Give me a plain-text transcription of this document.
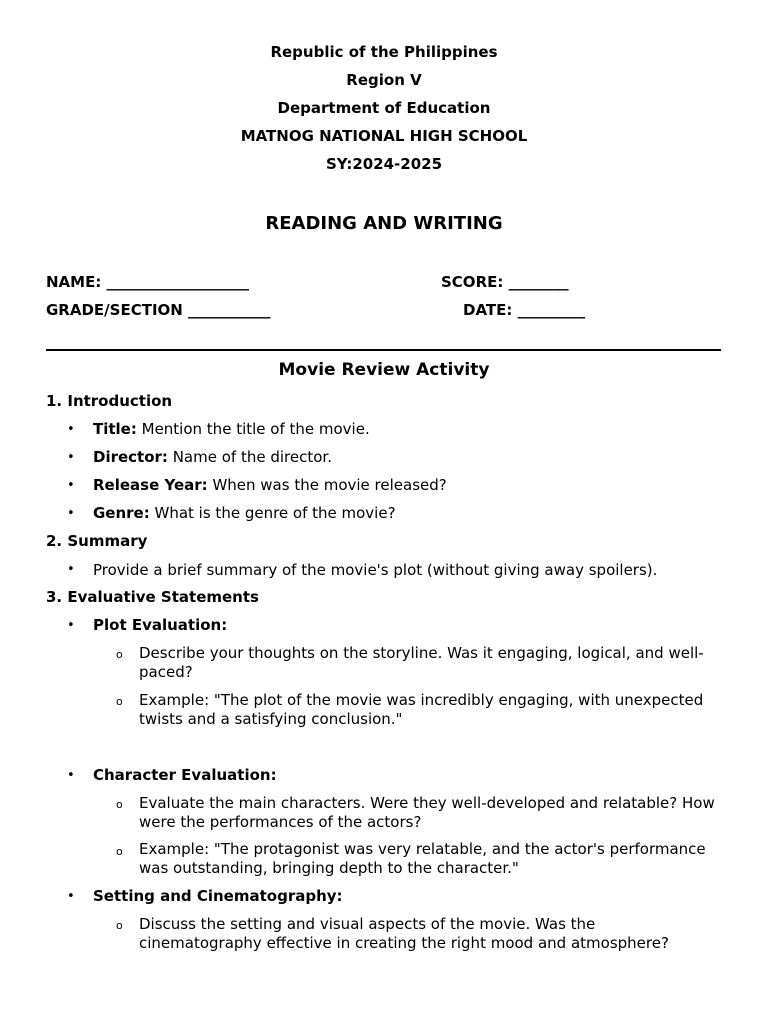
Republic of the Philippines
Region V
Department of Education
MATNOG NATIONAL HIGH SCHOOL
SY:2024-2025
READING AND WRITING
NAME: ___________________	SCORE: ________
GRADE/SECTION ___________	DATE: _________
Movie Review Activity
1. Introduction
• Title: Mention the title of the movie.
• Director: Name of the director.
• Release Year: When was the movie released?
• Genre: What is the genre of the movie?
2. Summary
• Provide a brief summary of the movie's plot (without giving away spoilers).
3. Evaluative Statements
• Plot Evaluation:
o Describe your thoughts on the storyline. Was it engaging, logical, and well-paced?
o Example: "The plot of the movie was incredibly engaging, with unexpected twists and a satisfying conclusion."
• Character Evaluation:
o Evaluate the main characters. Were they well-developed and relatable? How were the performances of the actors?
o Example: "The protagonist was very relatable, and the actor's performance was outstanding, bringing depth to the character."
• Setting and Cinematography:
o Discuss the setting and visual aspects of the movie. Was the cinematography effective in creating the right mood and atmosphere?
